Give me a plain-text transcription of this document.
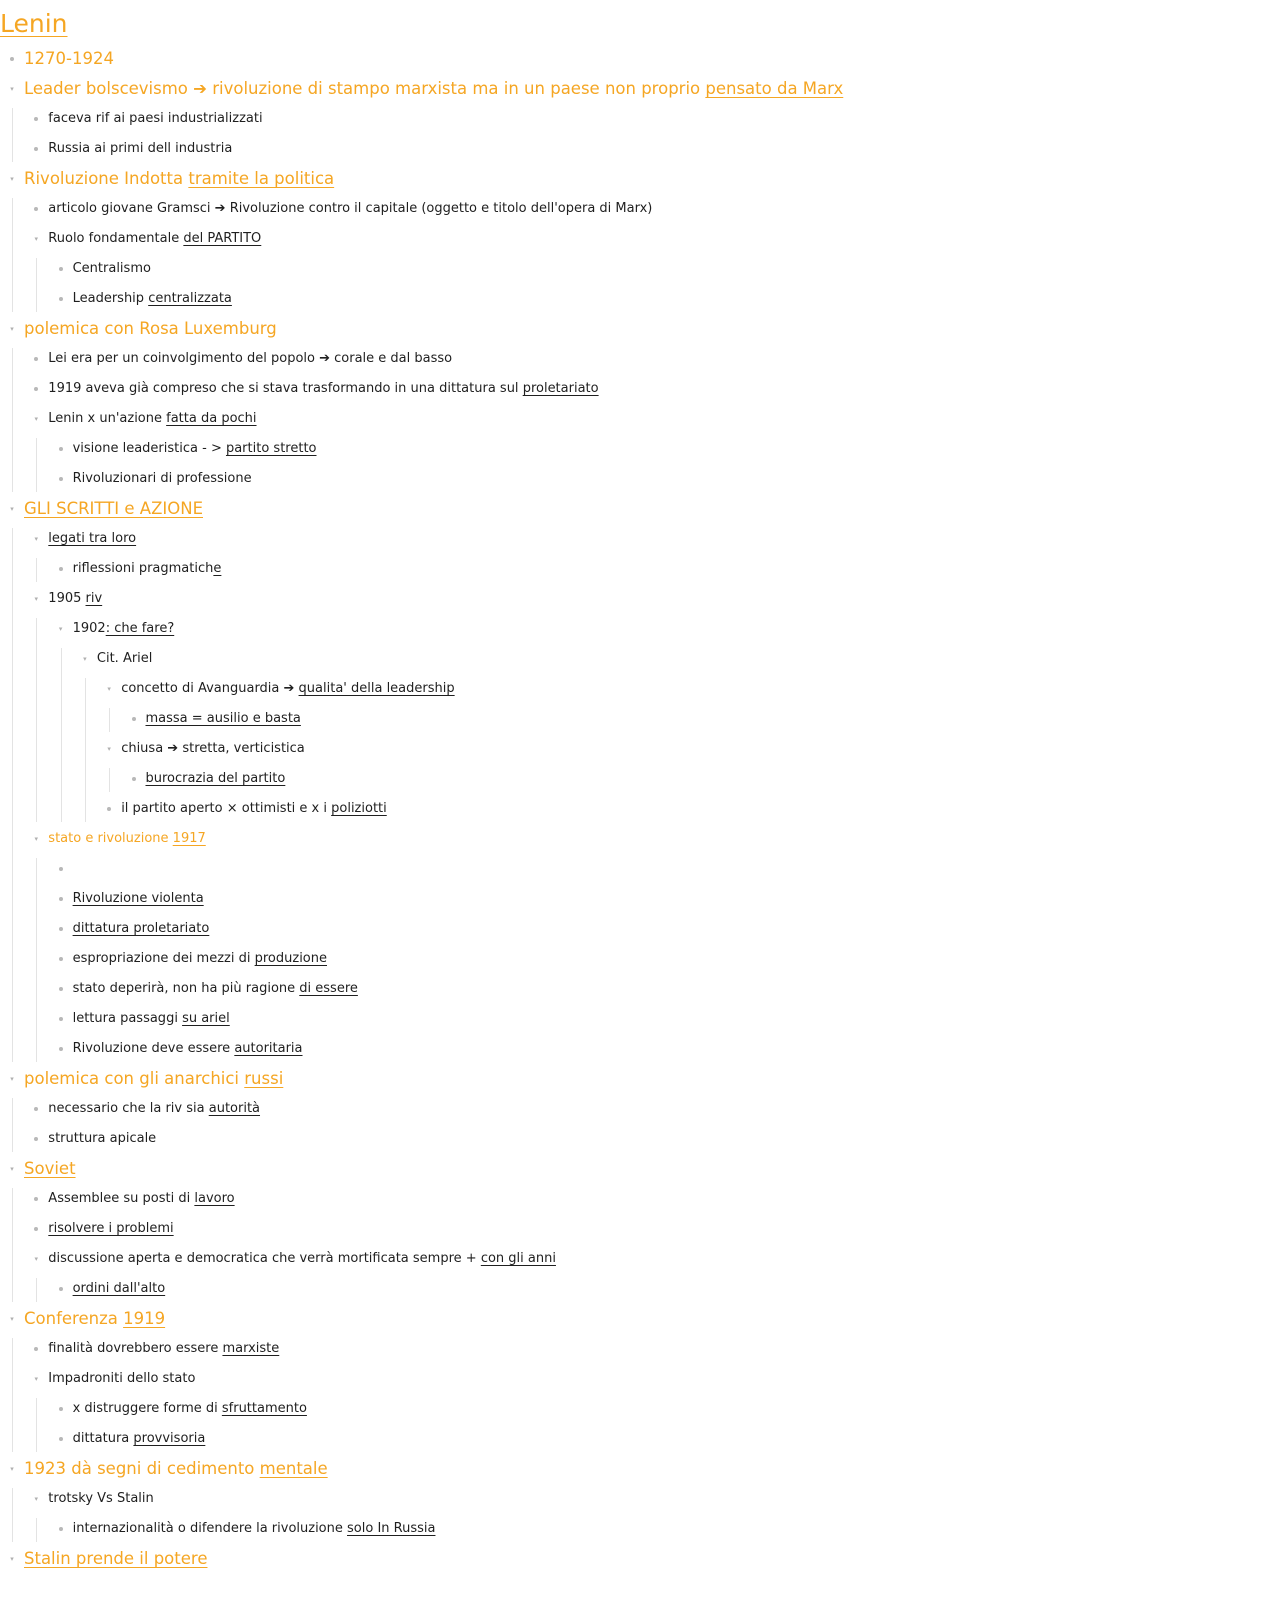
Lenin
1270-1924
▾ Leader bolscevismo ➔ rivoluzione di stampo marxista ma in un paese non proprio pensato da Marx
faceva rif ai paesi industrializzati
Russia ai primi dell industria
▾ Rivoluzione Indotta tramite la politica
articolo giovane Gramsci ➔ Rivoluzione contro il capitale (oggetto e titolo dell'opera di Marx)
▾ Ruolo fondamentale del PARTITO
Centralismo
Leadership centralizzata
▾ polemica con Rosa Luxemburg
Lei era per un coinvolgimento del popolo ➔ corale e dal basso
1919 aveva già compreso che si stava trasformando in una dittatura sul proletariato
▾ Lenin x un'azione fatta da pochi
visione leaderistica - > partito stretto
Rivoluzionari di professione
▾ GLI SCRITTI e AZIONE
▾ legati tra loro
riflessioni pragmatiche
▾ 1905 riv
▾ 1902: che fare?
▾ Cit. Ariel
▾ concetto di Avanguardia ➔ qualita' della leadership
massa = ausilio e basta
▾ chiusa ➔ stretta, verticistica
burocrazia del partito
il partito aperto × ottimisti e x i poliziotti
▾ stato e rivoluzione 1917
Rivoluzione violenta
dittatura proletariato
espropriazione dei mezzi di produzione
stato deperirà, non ha più ragione di essere
lettura passaggi su ariel
Rivoluzione deve essere autoritaria
▾ polemica con gli anarchici russi
necessario che la riv sia autorità
struttura apicale
▾ Soviet
Assemblee su posti di lavoro
risolvere i problemi
▾ discussione aperta e democratica che verrà mortificata sempre + con gli anni
ordini dall'alto
▾ Conferenza 1919
finalità dovrebbero essere marxiste
▾ Impadroniti dello stato
x distruggere forme di sfruttamento
dittatura provvisoria
▾ 1923 dà segni di cedimento mentale
▾ trotsky Vs Stalin
internazionalità o difendere la rivoluzione solo In Russia
▾ Stalin prende il potere
